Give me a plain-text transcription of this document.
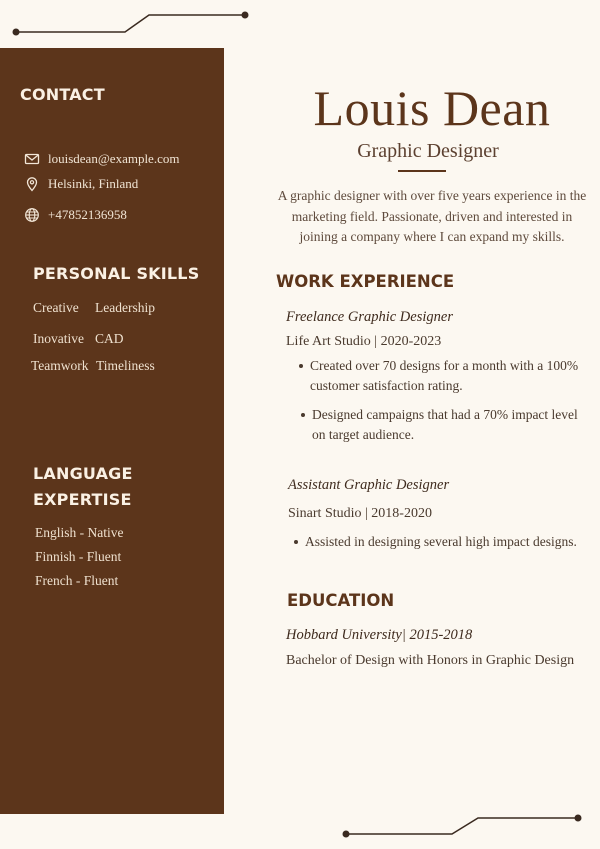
CONTACT
louisdean@example.com
Helsinki, Finland
+47852136958
PERSONAL SKILLS
Creative Leadership
Inovative CAD
Teamwork Timeliness
LANGUAGE
EXPERTISE
English - Native
Finnish - Fluent
French - Fluent
Louis Dean
Graphic Designer
A graphic designer with over five years experience in the marketing field. Passionate, driven and interested in joining a company where I can expand my skills.
WORK EXPERIENCE
Freelance Graphic Designer
Life Art Studio | 2020-2023
Created over 70 designs for a month with a 100% customer satisfaction rating.
Designed campaigns that had a 70% impact level on target audience.
Assistant Graphic Designer
Sinart Studio | 2018-2020
Assisted in designing several high impact designs.
EDUCATION
Hobbard University| 2015-2018
Bachelor of Design with Honors in Graphic Design
